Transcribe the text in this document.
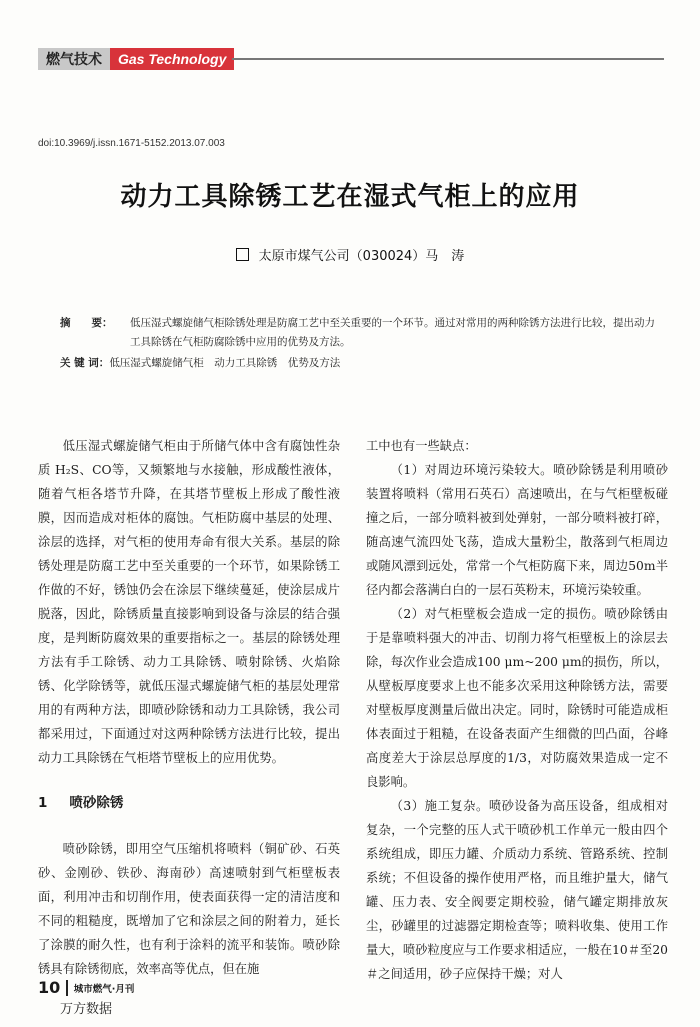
燃气技术	Gas Technology
doi:10.3969/j.issn.1671-5152.2013.07.003
动力工具除锈工艺在湿式气柜上的应用
太原市煤气公司（030024）马　涛
摘　　要： 低压湿式螺旋储气柜除锈处理是防腐工艺中至关重要的一个环节。通过对常用的两种除锈方法进行比较，提出动力工具除锈在气柜防腐除锈中应用的优势及方法。
关 键 词：低压湿式螺旋储气柜　动力工具除锈　优势及方法

低压湿式螺旋储气柜由于所储气体中含有腐蚀性杂质 H₂S、CO等，又频繁地与水接触，形成酸性液体，随着气柜各塔节升降，在其塔节壁板上形成了酸性液膜，因而造成对柜体的腐蚀。气柜防腐中基层的处理、涂层的选择，对气柜的使用寿命有很大关系。基层的除锈处理是防腐工艺中至关重要的一个环节，如果除锈工作做的不好，锈蚀仍会在涂层下继续蔓延，使涂层成片脱落，因此，除锈质量直接影响到设备与涂层的结合强度，是判断防腐效果的重要指标之一。基层的除锈处理方法有手工除锈、动力工具除锈、喷射除锈、火焰除锈、化学除锈等，就低压湿式螺旋储气柜的基层处理常用的有两种方法，即喷砂除锈和动力工具除锈，我公司都采用过，下面通过对这两种除锈方法进行比较，提出动力工具除锈在气柜塔节壁板上的应用优势。

1 喷砂除锈

喷砂除锈，即用空气压缩机将喷料（铜矿砂、石英砂、金刚砂、铁砂、海南砂）高速喷射到气柜壁板表面，利用冲击和切削作用，使表面获得一定的清洁度和不同的粗糙度，既增加了它和涂层之间的附着力，延长了涂膜的耐久性，也有利于涂料的流平和装饰。喷砂除锈具有除锈彻底，效率高等优点，但在施

工中也有一些缺点：

（1）对周边环境污染较大。喷砂除锈是利用喷砂装置将喷料（常用石英石）高速喷出，在与气柜壁板碰撞之后，一部分喷料被到处弹射，一部分喷料被打碎，随高速气流四处飞荡，造成大量粉尘，散落到气柜周边或随风漂到远处，常常一个气柜防腐下来，周边50m半径内都会落满白白的一层石英粉末，环境污染较重。

（2）对气柜壁板会造成一定的损伤。喷砂除锈由于是靠喷料强大的冲击、切削力将气柜壁板上的涂层去除，每次作业会造成100 μm~200 μm的损伤，所以，从壁板厚度要求上也不能多次采用这种除锈方法，需要对壁板厚度测量后做出决定。同时，除锈时可能造成柜体表面过于粗糙，在设备表面产生细微的凹凸面，谷峰高度差大于涂层总厚度的1/3，对防腐效果造成一定不良影响。

（3）施工复杂。喷砂设备为高压设备，组成相对复杂，一个完整的压人式干喷砂机工作单元一般由四个系统组成，即压力罐、介质动力系统、管路系统、控制系统；不但设备的操作使用严格，而且维护量大，储气罐、压力表、安全阀要定期校验，储气罐定期排放灰尘，砂罐里的过滤器定期检查等；喷料收集、使用工作量大，喷砂粒度应与工作要求相适应，一般在10＃至20＃之间适用，砂子应保持干燥；对人

10 城市燃气·月刊
万方数据
